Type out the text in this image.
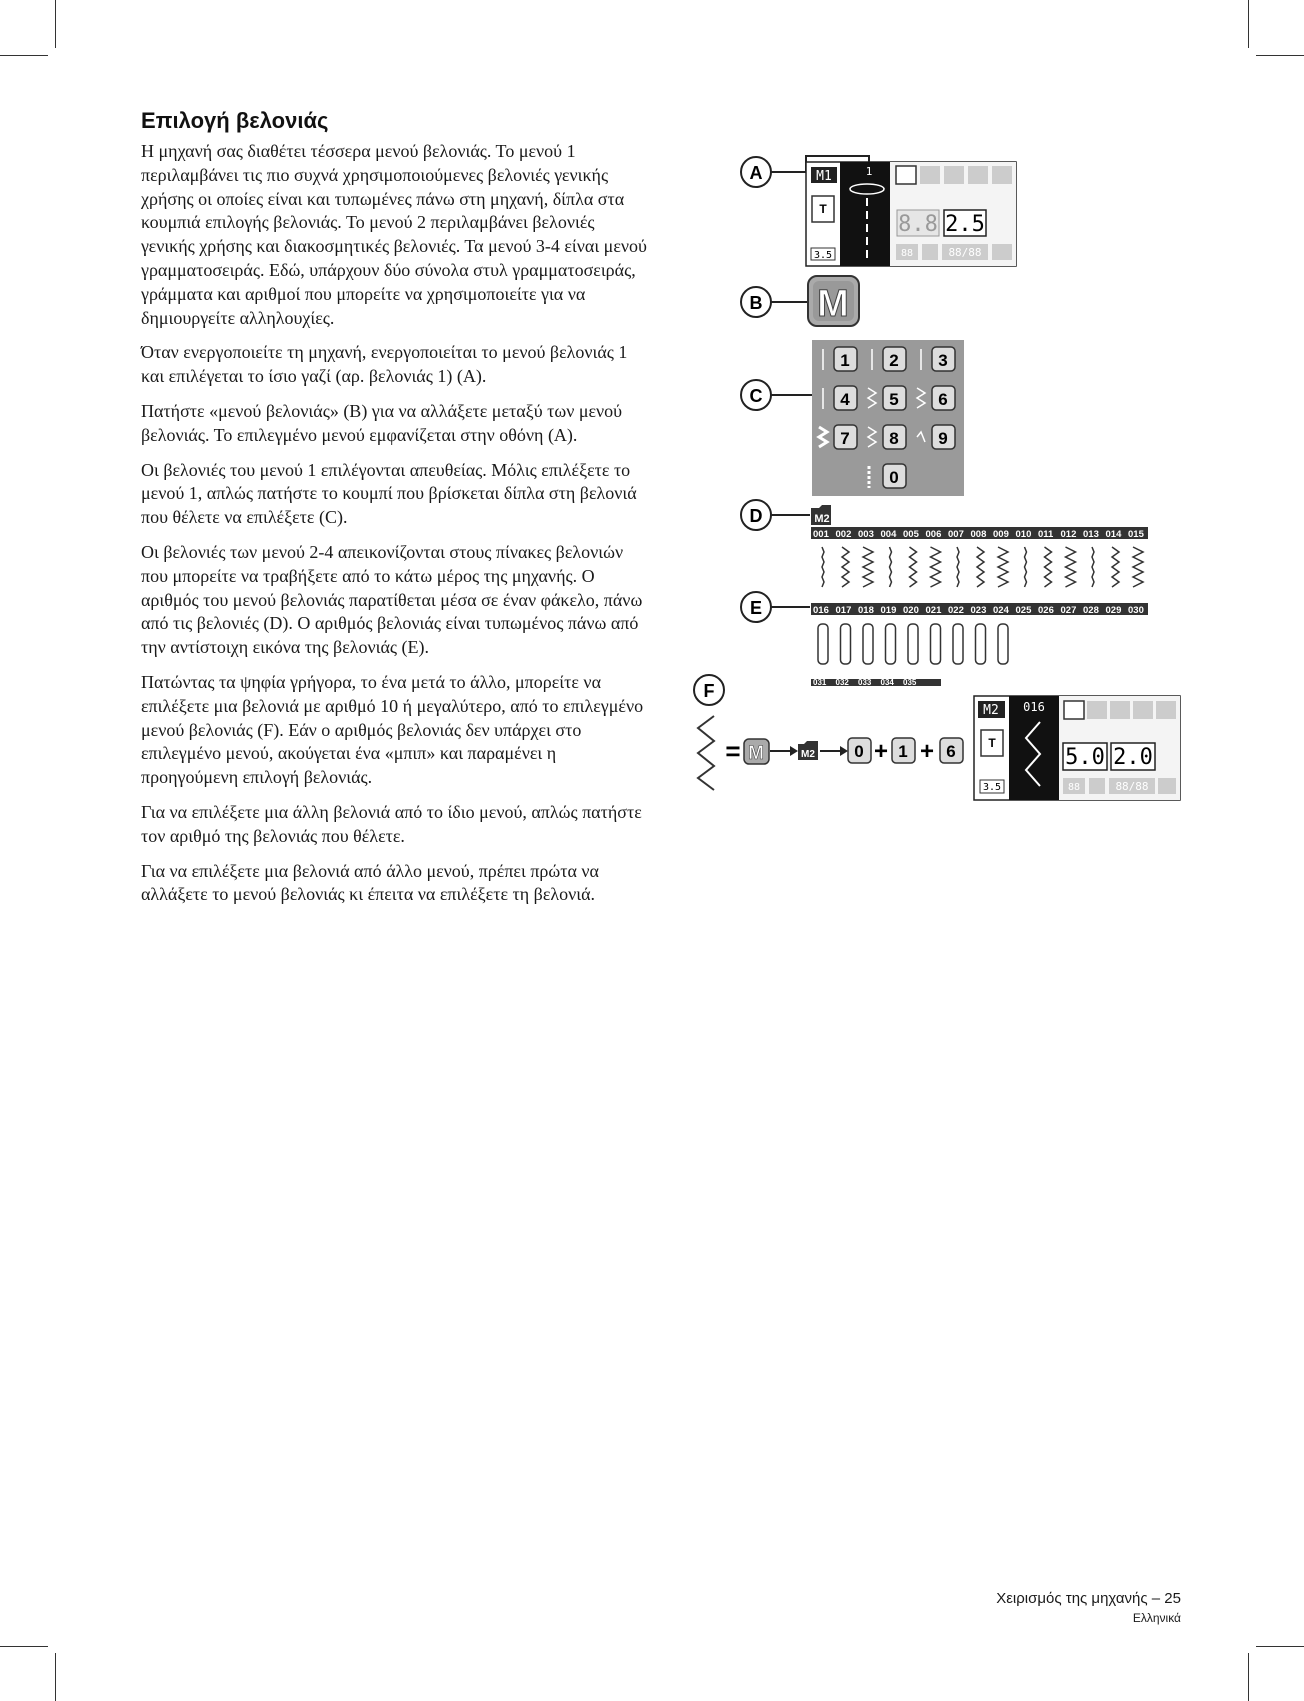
Επιλογή βελονιάς

Η μηχανή σας διαθέτει τέσσερα μενού βελονιάς. Το μενού 1 περιλαμβάνει τις πιο συχνά χρησιμοποιούμενες βελονιές γενικής χρήσης οι οποίες είναι και τυπωμένες πάνω στη μηχανή, δίπλα στα κουμπιά επιλογής βελονιάς. Το μενού 2 περιλαμβάνει βελονιές γενικής χρήσης και διακοσμητικές βελονιές. Τα μενού 3-4 είναι μενού γραμματοσειράς. Εδώ, υπάρχουν δύο σύνολα στυλ γραμματοσειράς, γράμματα και αριθμοί που μπορείτε να χρησιμοποιείτε για να δημιουργείτε αλληλουχίες.

Όταν ενεργοποιείτε τη μηχανή, ενεργοποιείται το μενού βελονιάς 1 και επιλέγεται το ίσιο γαζί (αρ. βελονιάς 1) (A).

Πατήστε «μενού βελονιάς» (B) για να αλλάξετε μεταξύ των μενού βελονιάς. Το επιλεγμένο μενού εμφανίζεται στην οθόνη (A).

Οι βελονιές του μενού 1 επιλέγονται απευθείας. Μόλις επιλέξετε το μενού 1, απλώς πατήστε το κουμπί που βρίσκεται δίπλα στη βελονιά που θέλετε να επιλέξετε (C).

Οι βελονιές των μενού 2-4 απεικονίζονται στους πίνακες βελονιών που μπορείτε να τραβήξετε από το κάτω μέρος της μηχανής. Ο αριθμός του μενού βελονιάς παρατίθεται μέσα σε έναν φάκελο, πάνω από τις βελονιές (D). Ο αριθμός βελονιάς είναι τυπωμένος πάνω από την αντίστοιχη εικόνα της βελονιάς (E).

Πατώντας τα ψηφία γρήγορα, το ένα μετά το άλλο, μπορείτε να επιλέξετε μια βελονιά με αριθμό 10 ή μεγαλύτερο, από το επιλεγμένο μενού βελονιάς (F). Εάν ο αριθμός βελονιάς δεν υπάρχει στο επιλεγμένο μενού, ακούγεται ένα «μπιπ» και παραμένει η προηγούμενη επιλογή βελονιάς.

Για να επιλέξετε μια άλλη βελονιά από το ίδιο μενού, απλώς πατήστε τον αριθμό της βελονιάς που θέλετε.

Για να επιλέξετε μια βελονιά από άλλο μενού, πρέπει πρώτα να αλλάξετε το μενού βελονιάς κι έπειτα να επιλέξετε τη βελονιά.

A	M1	1
T
3.5
8.8 2.5
88	88/88
B M
C
1 2 3
4 5 6
7 8 9
0
D	M2
001 002 003 004 005 006 007 008 009 010 011 012 013 014 015
E	016 017 018 019 020 021 022 023 024 025 026 027 028 029 030
031 032 033 034 035
F
= M	M2 0 + 1 + 6
M2 016
T
3.5
5.0 2.0
88	88/88
Χειρισμός της μηχανής – 25
Ελληνικά
